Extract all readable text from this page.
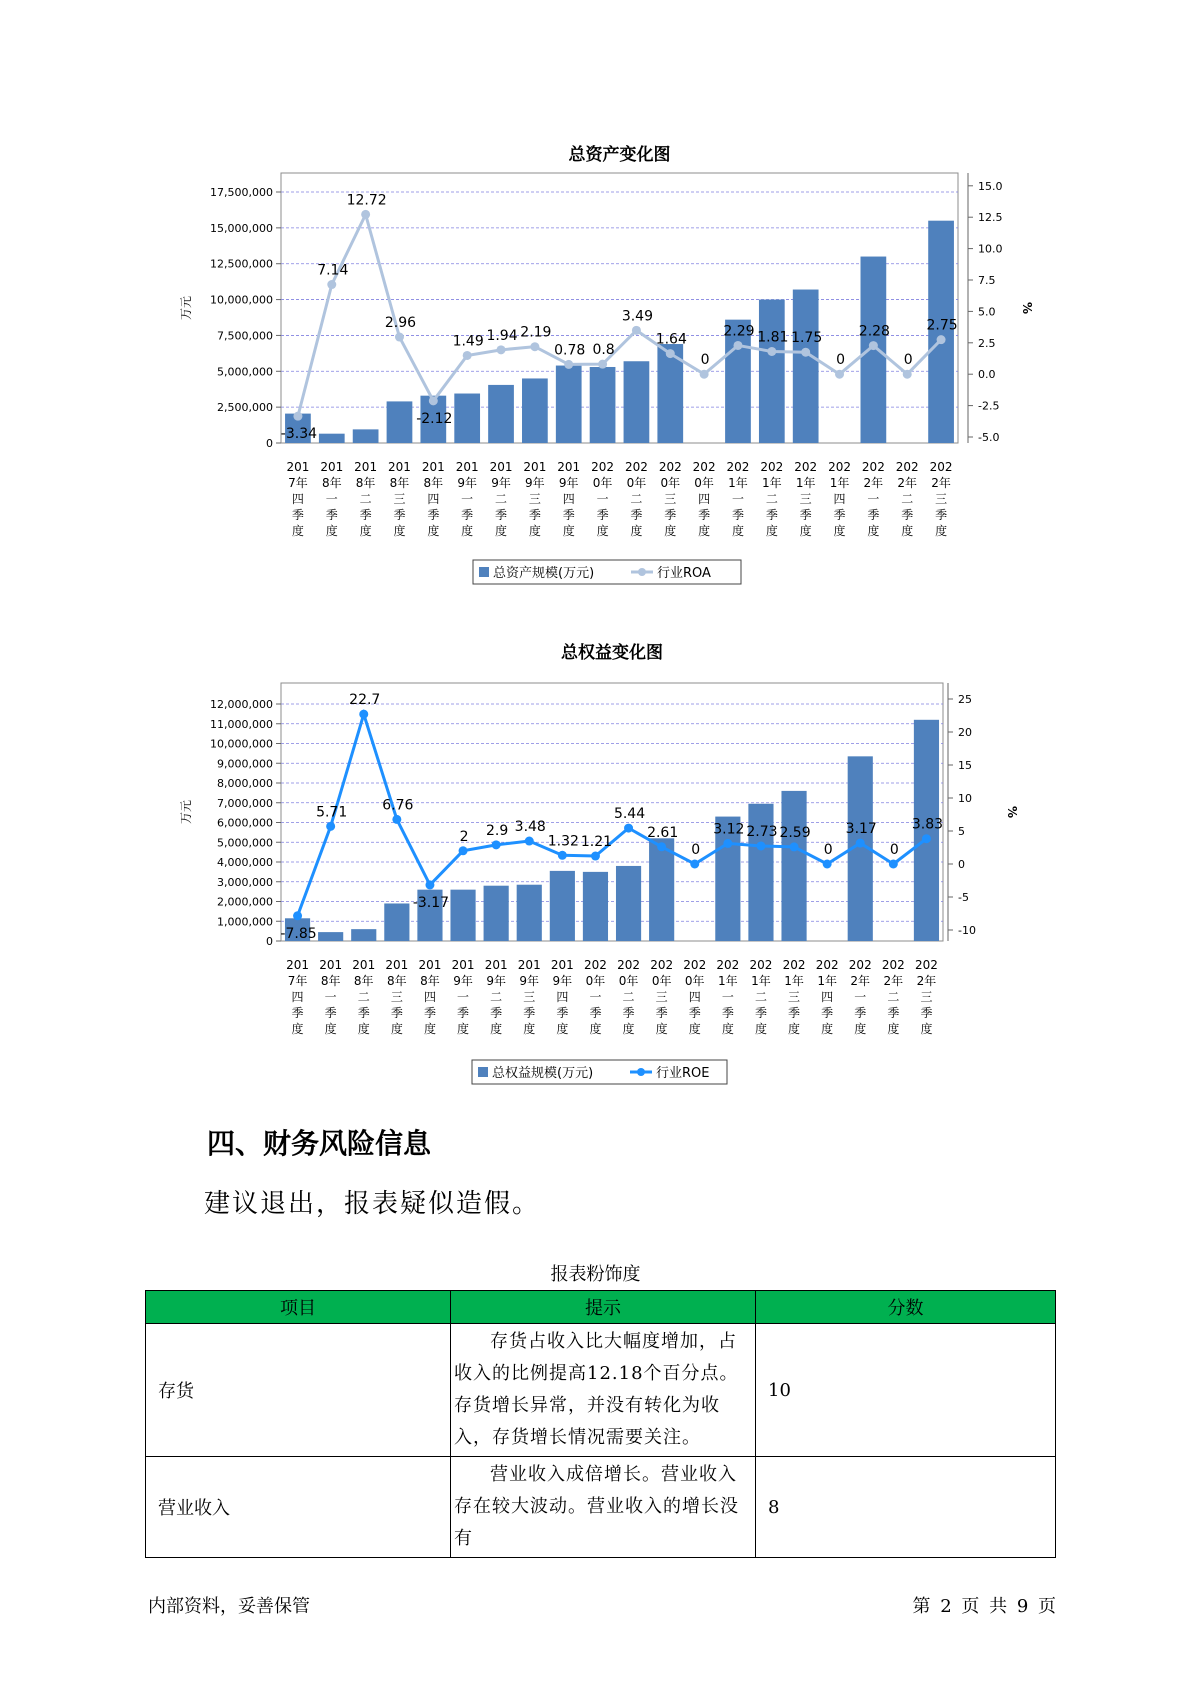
总资产变化图
0
2,500,000
5,000,000
7,500,000
10,000,000
12,500,000
15,000,000
17,500,000
万元
-5.0
-2.5
0.0
2.5
5.0
7.5
10.0
12.5
15.0
%
-3.34
7.14
12.72
2.96
-2.12
1.49 1.94 2.19
0.78 0.8
3.49
1.64
0
2.29 1.81 1.75
0
2.28
0
2.75
201 7年四季度
201 8年一季度
201 8年二季度
201 8年三季度
201 8年四季度
201 9年一季度
201 9年二季度
201 9年三季度
201 9年四季度
202 0年一季度
202 0年二季度
202 0年三季度
202 0年四季度
202 1年一季度
202 1年二季度
202 1年三季度
202 1年四季度
202 2年一季度
202 2年二季度
202 2年三季度
总资产规模(万元)	行业ROA
总权益变化图
0
1,000,000
2,000,000
3,000,000
4,000,000
5,000,000
6,000,000
7,000,000
8,000,000
9,000,000
10,000,000
11,000,000
12,000,000
万元
-10
-5
0
5
10
15
20
25
%
-7.85
5.71
22.7
6.76
-3.17
2 2.9 3.48
1.32 1.21
5.44
2.61
0
3.12 2.73 2.59
0
3.17
0
3.83
201 7年四季度
201 8年一季度
201 8年二季度
201 8年三季度
201 8年四季度
201 9年一季度
201 9年二季度
201 9年三季度
201 9年四季度
202 0年一季度
202 0年二季度
202 0年三季度
202 0年四季度
202 1年一季度
202 1年二季度
202 1年三季度
202 1年四季度
202 2年一季度
202 2年二季度
202 2年三季度
总权益规模(万元)	行业ROE
四、财务风险信息

建议退出，报表疑似造假。

报表粉饰度
项目	提示	分数
存货	存货占收入比大幅度增加，占收入的比例提高12.18个百分点。存货增长异常，并没有转化为收入，存货增长情况需要关注。	10
营业收入	营业收入成倍增长。营业收入存在较大波动。营业收入的增长没有	8
内部资料，妥善保管	第 2 页 共 9 页
